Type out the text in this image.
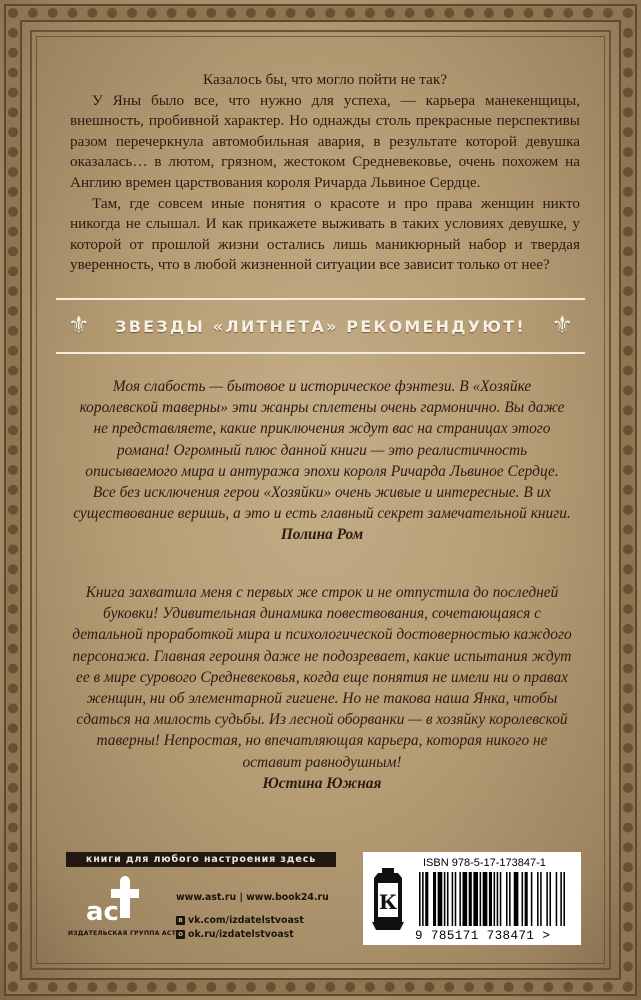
Казалось бы, что могло пойти не так?

У Яны было все, что нужно для успеха, — карьера манекенщицы, внешность, пробивной характер. Но однажды столь прекрасные перспективы разом перечеркнула автомобильная авария, в результате которой девушка оказалась… в лютом, грязном, жестоком Средневековье, очень похожем на Англию времен царствования короля Ричарда Львиное Сердце.

Там, где совсем иные понятия о красоте и про права женщин никто никогда не слышал. И как прикажете выживать в таких условиях девушке, у которой от прошлой жизни остались лишь маникюрный набор и твердая уверенность, что в любой жизненной ситуации все зависит только от нее?

⚜ ЗВЕЗДЫ «ЛИТНЕТА» РЕКОМЕНДУЮТ! ⚜
Моя слабость — бытовое и историческое фэнтези. В «Хозяйке королевской таверны» эти жанры сплетены очень гармонично. Вы даже не представляете, какие приключения ждут вас на страницах этого романа! Огромный плюс данной книги — это реалистичность описываемого мира и антуража эпохи короля Ричарда Львиное Сердце. Все без исключения герои «Хозяйки» очень живые и интересные. В их существование веришь, а это и есть главный секрет замечательной книги.
Полина Ром
Книга захватила меня с первых же строк и не отпустила до последней буковки! Удивительная динамика повествования, сочетающаяся с детальной проработкой мира и психологической достоверностью каждого персонажа. Главная героиня даже не подозревает, какие испытания ждут ее в мире сурового Средневековья, когда еще понятия не имели ни о правах женщин, ни об элементарной гигиене. Но не такова наша Янка, чтобы сдаться на милость судьбы. Из лесной оборванки — в хозяйку королевской таверны! Непростая, но впечатляющая карьера, которая никого не оставит равнодушным!
Юстина Южная
книги для любого настроения здесь
ac
ИЗДАТЕЛЬСКАЯ ГРУППА АСТ
www.ast.ru | www.book24.ru
в vk.com/izdatelstvoast
о ok.ru/izdatelstvoast
К
ISBN 978-5-17-173847-1
9 785171 738471 >
